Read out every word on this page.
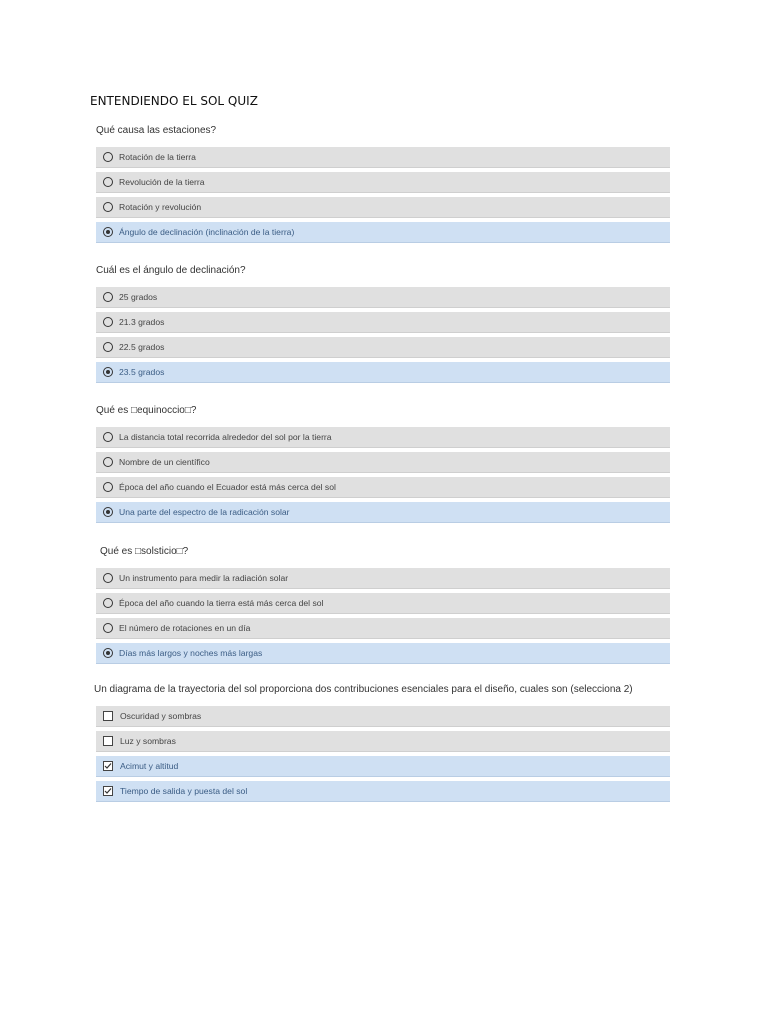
ENTENDIENDO EL SOL QUIZ
Qué causa las estaciones?
Rotación de la tierra
Revolución de la tierra
Rotación y revolución
Ángulo de declinación (inclinación de la tierra)
Cuál es el ángulo de declinación?
25 grados
21.3 grados
22.5 grados
23.5 grados
Qué es □equinoccio□?
La distancia total recorrida alrededor del sol por la tierra
Nombre de un científico
Época del año cuando el Ecuador está más cerca del sol
Una parte del espectro de la radicación solar
Qué es □solsticio□?
Un instrumento para medir la radiación solar
Época del año cuando la tierra está más cerca del sol
El número de rotaciones en un día
Días más largos y noches más largas
Un diagrama de la trayectoria del sol proporciona dos contribuciones esenciales para el diseño, cuales son (selecciona 2)
Oscuridad y sombras
Luz y sombras
Acimut y altitud
Tiempo de salida y puesta del sol
